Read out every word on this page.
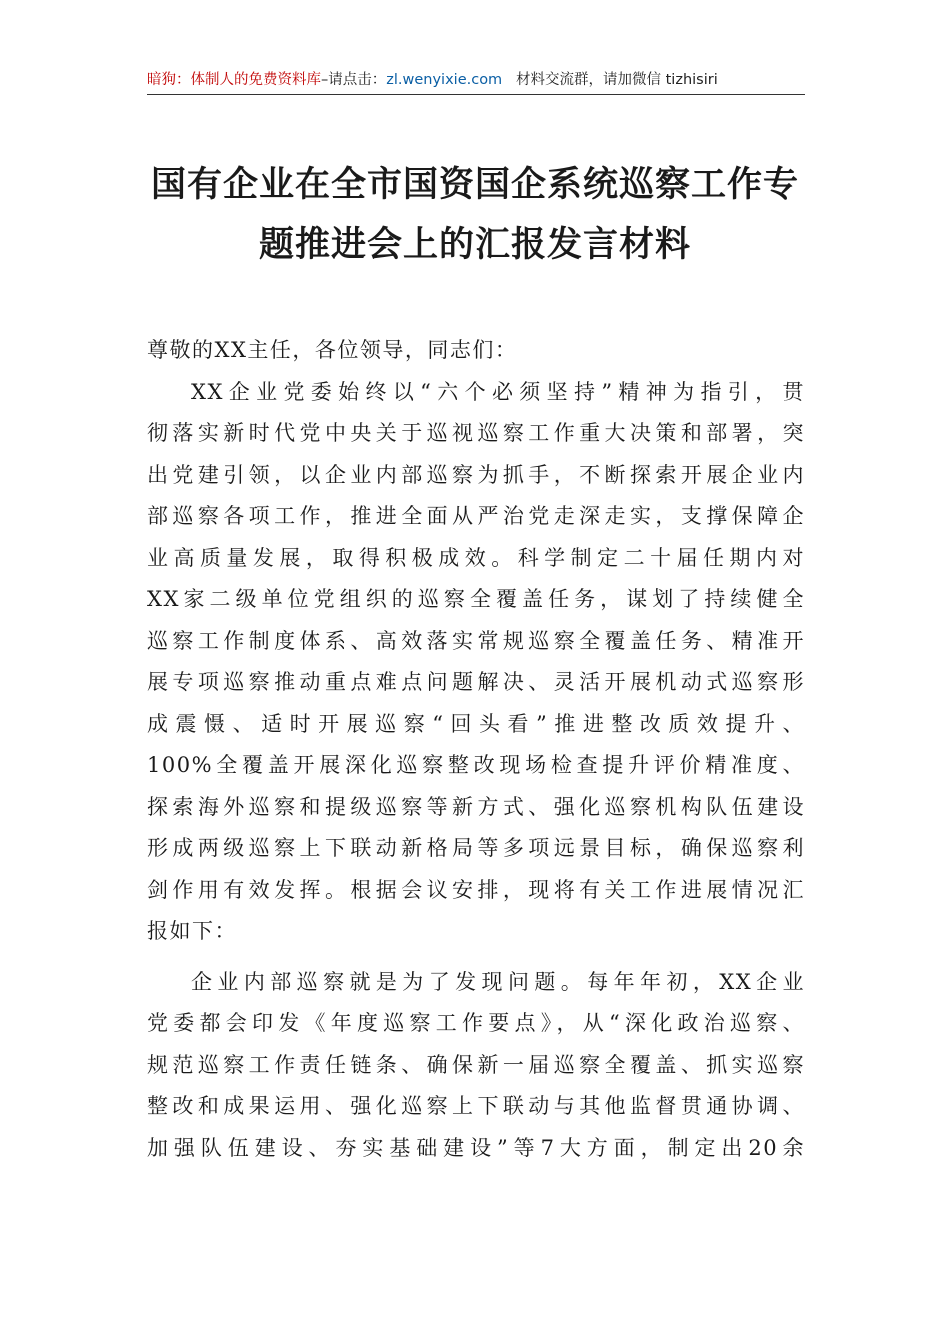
暗狗：体制人的免费资料库–请点击：zl.wenyixie.com 材料交流群，请加微信 tizhisiri
国有企业在全市国资国企系统巡察工作专
题推进会上的汇报发言材料
尊敬的XX主任，各位领导，同志们：
XX企业党委始终以“六个必须坚持”精神为指引，贯
彻落实新时代党中央关于巡视巡察工作重大决策和部署，突
出党建引领，以企业内部巡察为抓手，不断探索开展企业内
部巡察各项工作，推进全面从严治党走深走实，支撑保障企
业高质量发展，取得积极成效。科学制定二十届任期内对
XX家二级单位党组织的巡察全覆盖任务，谋划了持续健全
巡察工作制度体系、高效落实常规巡察全覆盖任务、精准开
展专项巡察推动重点难点问题解决、灵活开展机动式巡察形
成震慑、适时开展巡察“回头看”推进整改质效提升、
100%全覆盖开展深化巡察整改现场检查提升评价精准度、
探索海外巡察和提级巡察等新方式、强化巡察机构队伍建设
形成两级巡察上下联动新格局等多项远景目标，确保巡察利
剑作用有效发挥。根据会议安排，现将有关工作进展情况汇
报如下：
企业内部巡察就是为了发现问题。每年年初，XX企业
党委都会印发《年度巡察工作要点》，从“深化政治巡察、
规范巡察工作责任链条、确保新一届巡察全覆盖、抓实巡察
整改和成果运用、强化巡察上下联动与其他监督贯通协调、
加强队伍建设、夯实基础建设”等7大方面，制定出20余
